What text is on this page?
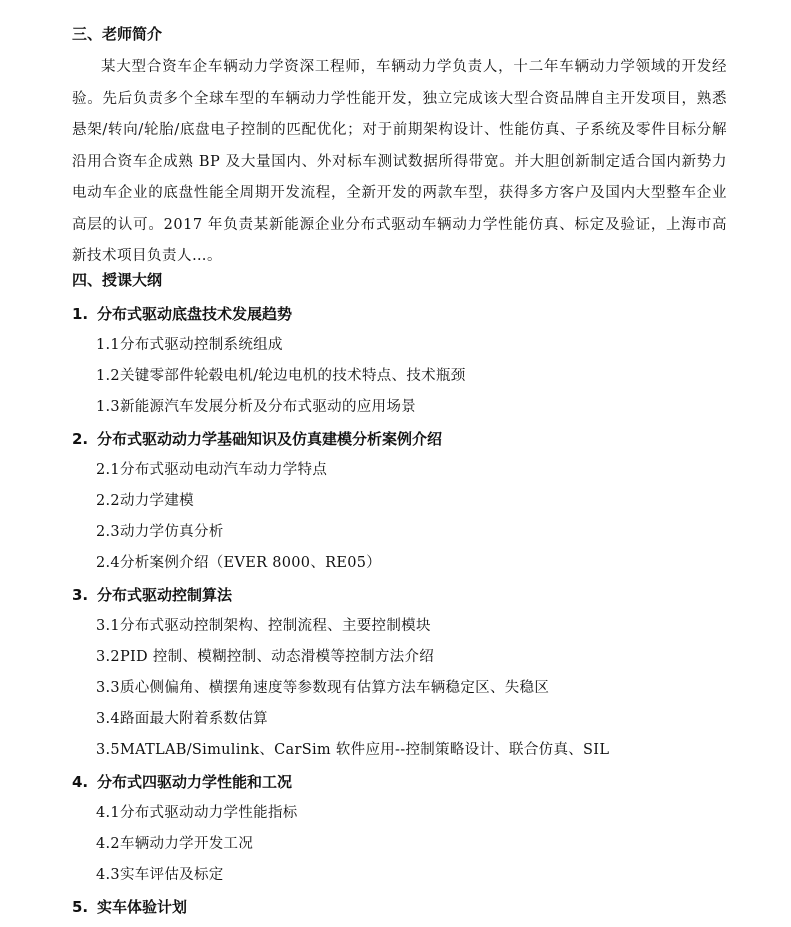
三、老师简介
某大型合资车企车辆动力学资深工程师，车辆动力学负责人，十二年车辆动力学领域的开发经验。先后负责多个全球车型的车辆动力学性能开发，独立完成该大型合资品牌自主开发项目，熟悉悬架/转向/轮胎/底盘电子控制的匹配优化；对于前期架构设计、性能仿真、子系统及零件目标分解沿用合资车企成熟 BP 及大量国内、外对标车测试数据所得带宽。并大胆创新制定适合国内新势力电动车企业的底盘性能全周期开发流程，全新开发的两款车型，获得多方客户及国内大型整车企业高层的认可。2017 年负责某新能源企业分布式驱动车辆动力学性能仿真、标定及验证，上海市高新技术项目负责人…。
四、授课大纲
1. 分布式驱动底盘技术发展趋势
1.1分布式驱动控制系统组成
1.2关键零部件轮毂电机/轮边电机的技术特点、技术瓶颈
1.3新能源汽车发展分析及分布式驱动的应用场景
2. 分布式驱动动力学基础知识及仿真建模分析案例介绍
2.1分布式驱动电动汽车动力学特点
2.2动力学建模
2.3动力学仿真分析
2.4分析案例介绍（EVER 8000、RE05）
3. 分布式驱动控制算法
3.1分布式驱动控制架构、控制流程、主要控制模块
3.2PID 控制、模糊控制、动态滑模等控制方法介绍
3.3质心侧偏角、横摆角速度等参数现有估算方法车辆稳定区、失稳区
3.4路面最大附着系数估算
3.5MATLAB/Simulink、CarSim 软件应用--控制策略设计、联合仿真、SIL
4. 分布式四驱动力学性能和工况
4.1分布式驱动动力学性能指标
4.2车辆动力学开发工况
4.3实车评估及标定
5. 实车体验计划
